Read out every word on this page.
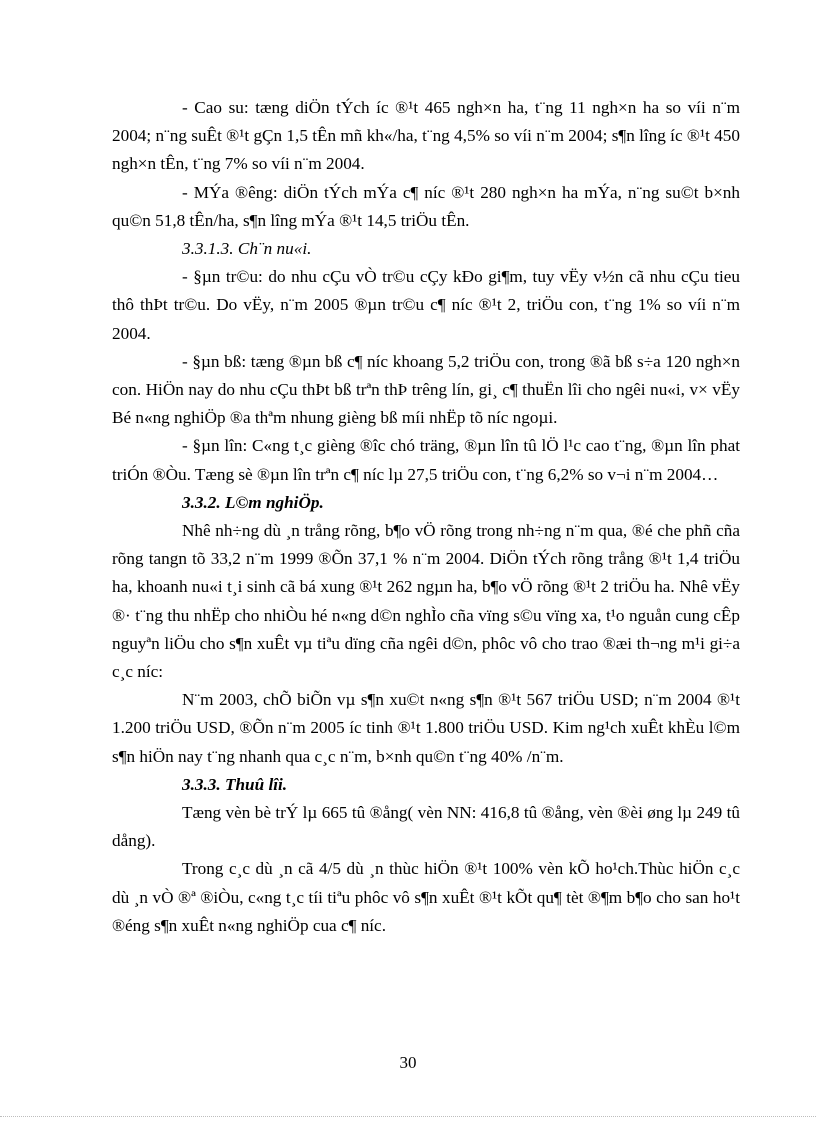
- Cao su: tæng diÖn tÝch íc ®¹t 465 ngh×n ha, t¨ng 11 ngh×n ha so víi n¨m 2004; n¨ng suÊt ®¹t gÇn 1,5 tÊn mñ kh«/ha, t¨ng 4,5% so víi n¨m 2004; s¶n lîng íc ®¹t 450 ngh×n tÊn, t¨ng 7% so víi n¨m 2004.

- MÝa ®êng: diÖn tÝch mÝa c¶ níc ®¹t 280 ngh×n ha mÝa, n¨ng su©t b×nh qu©n 51,8 tÊn/ha, s¶n lîng mÝa ®¹t 14,5 triÖu tÊn.

3.3.1.3. Ch¨n nu«i.

- §µn tr©u: do nhu cÇu vÒ tr©u cÇy kÐo gi¶m, tuy vËy v½n cã nhu cÇu tieu thô thÞt tr©u. Do vËy, n¨m 2005 ®µn tr©u c¶ níc ®¹t 2, triÖu con, t¨ng 1% so víi n¨m 2004.

- §µn bß: tæng ®µn bß c¶ níc khoang 5,2 triÖu con, trong ®ã bß s÷a 120 ngh×n con. HiÖn nay do nhu cÇu thÞt bß trªn thÞ trêng lín, gi¸ c¶ thuËn lîi cho ngêi nu«i, v× vËy Bé n«ng nghiÖp ®a thªm nhung gièng bß míi nhËp tõ níc ngoµi.

- §µn lîn: C«ng t¸c gièng ®îc chó träng, ®µn lîn tû lÖ l¹c cao t¨ng, ®µn lîn phat triÓn ®Òu. Tæng sè ®µn lîn trªn c¶ níc lµ 27,5 triÖu con, t¨ng 6,2% so v¬i n¨m 2004…

3.3.2. L©m nghiÖp.

Nhê nh÷ng dù ¸n trång rõng, b¶o vÖ rõng trong nh÷ng n¨m qua, ®é che phñ cña rõng tangn tõ 33,2 n¨m 1999 ®Õn 37,1 % n¨m 2004. DiÖn tÝch rõng trång ®¹t 1,4 triÖu ha, khoanh nu«i t¸i sinh cã bá xung ®¹t 262 ngµn ha, b¶o vÖ rõng ®¹t 2 triÖu ha. Nhê vËy ®· t¨ng thu nhËp cho nhiÒu hé n«ng d©n nghÌo cña vïng s©u vïng xa, t¹o nguån cung cÊp nguyªn liÖu cho s¶n xuÊt vµ tiªu dïng cña ngêi d©n, phôc vô cho trao ®æi th¬ng m¹i gi÷a c¸c níc:

N¨m 2003, chÕ biÕn vµ s¶n xu©t n«ng s¶n ®¹t 567 triÖu USD; n¨m 2004 ®¹t 1.200 triÖu USD, ®Õn n¨m 2005 íc tinh ®¹t 1.800 triÖu USD. Kim ng¹ch xuÊt khÈu l©m s¶n hiÖn nay t¨ng nhanh qua c¸c n¨m, b×nh qu©n t¨ng 40% /n¨m.

3.3.3. Thuû lîi.

Tæng vèn bè trÝ lµ 665 tû ®ång( vèn NN: 416,8 tû ®ång, vèn ®èi øng lµ 249 tû dång).

Trong c¸c dù ¸n cã 4/5 dù ¸n thùc hiÖn ®¹t 100% vèn kÕ ho¹ch.Thùc hiÖn c¸c dù ¸n vÒ ®ª ®iÒu, c«ng t¸c tíi tiªu phôc vô s¶n xuÊt ®¹t kÕt qu¶ tèt ®¶m b¶o cho san ho¹t ®éng s¶n xuÊt n«ng nghiÖp cua c¶ níc.

30
